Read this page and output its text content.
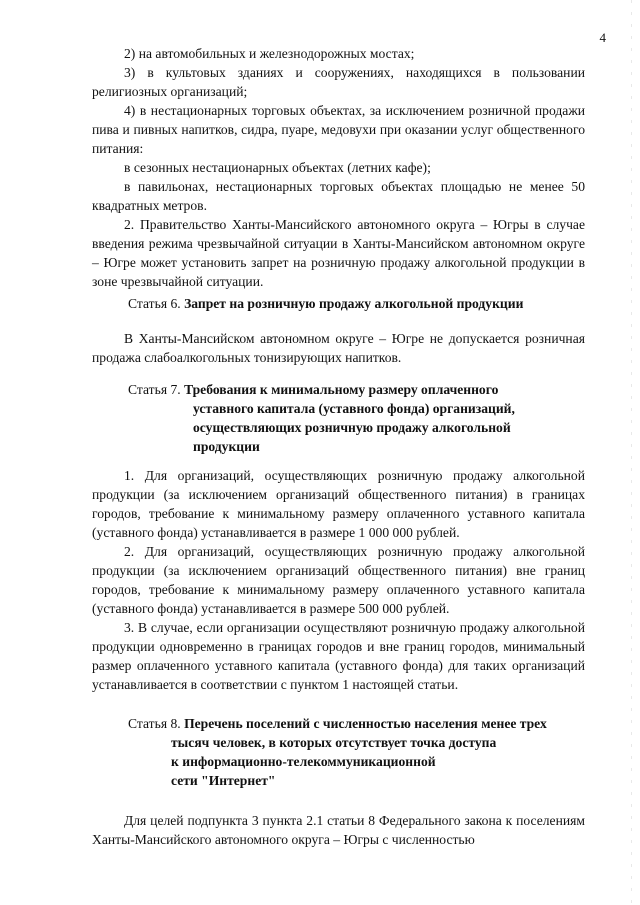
4

2) на автомобильных и железнодорожных мостах;

3) в культовых зданиях и сооружениях, находящихся в пользовании религиозных организаций;

4) в нестационарных торговых объектах, за исключением розничной продажи пива и пивных напитков, сидра, пуаре, медовухи при оказании услуг общественного питания:

в сезонных нестационарных объектах (летних кафе);

в павильонах, нестационарных торговых объектах площадью не менее 50 квадратных метров.

2. Правительство Ханты-Мансийского автономного округа – Югры в случае введения режима чрезвычайной ситуации в Ханты-Мансийском автономном округе – Югре может установить запрет на розничную продажу алкогольной продукции в зоне чрезвычайной ситуации.

Статья 6. Запрет на розничную продажу алкогольной продукции

В Ханты-Мансийском автономном округе – Югре не допускается розничная продажа слабоалкогольных тонизирующих напитков.

Статья 7. Требования к минимальному размеру оплаченного
уставного капитала (уставного фонда) организаций,
осуществляющих розничную продажу алкогольной
продукции

1. Для организаций, осуществляющих розничную продажу алкогольной продукции (за исключением организаций общественного питания) в границах городов, требование к минимальному размеру оплаченного уставного капитала (уставного фонда) устанавливается в размере 1 000 000 рублей.

2. Для организаций, осуществляющих розничную продажу алкогольной продукции (за исключением организаций общественного питания) вне границ городов, требование к минимальному размеру оплаченного уставного капитала (уставного фонда) устанавливается в размере 500 000 рублей.

3. В случае, если организации осуществляют розничную продажу алкогольной продукции одновременно в границах городов и вне границ городов, минимальный размер оплаченного уставного капитала (уставного фонда) для таких организаций устанавливается в соответствии с пунктом 1 настоящей статьи.

Статья 8. Перечень поселений с численностью населения менее трех
тысяч человек, в которых отсутствует точка доступа
к информационно-телекоммуникационной
сети "Интернет"

Для целей подпункта 3 пункта 2.1 статьи 8 Федерального закона к поселениям Ханты-Мансийского автономного округа – Югры с численностью
